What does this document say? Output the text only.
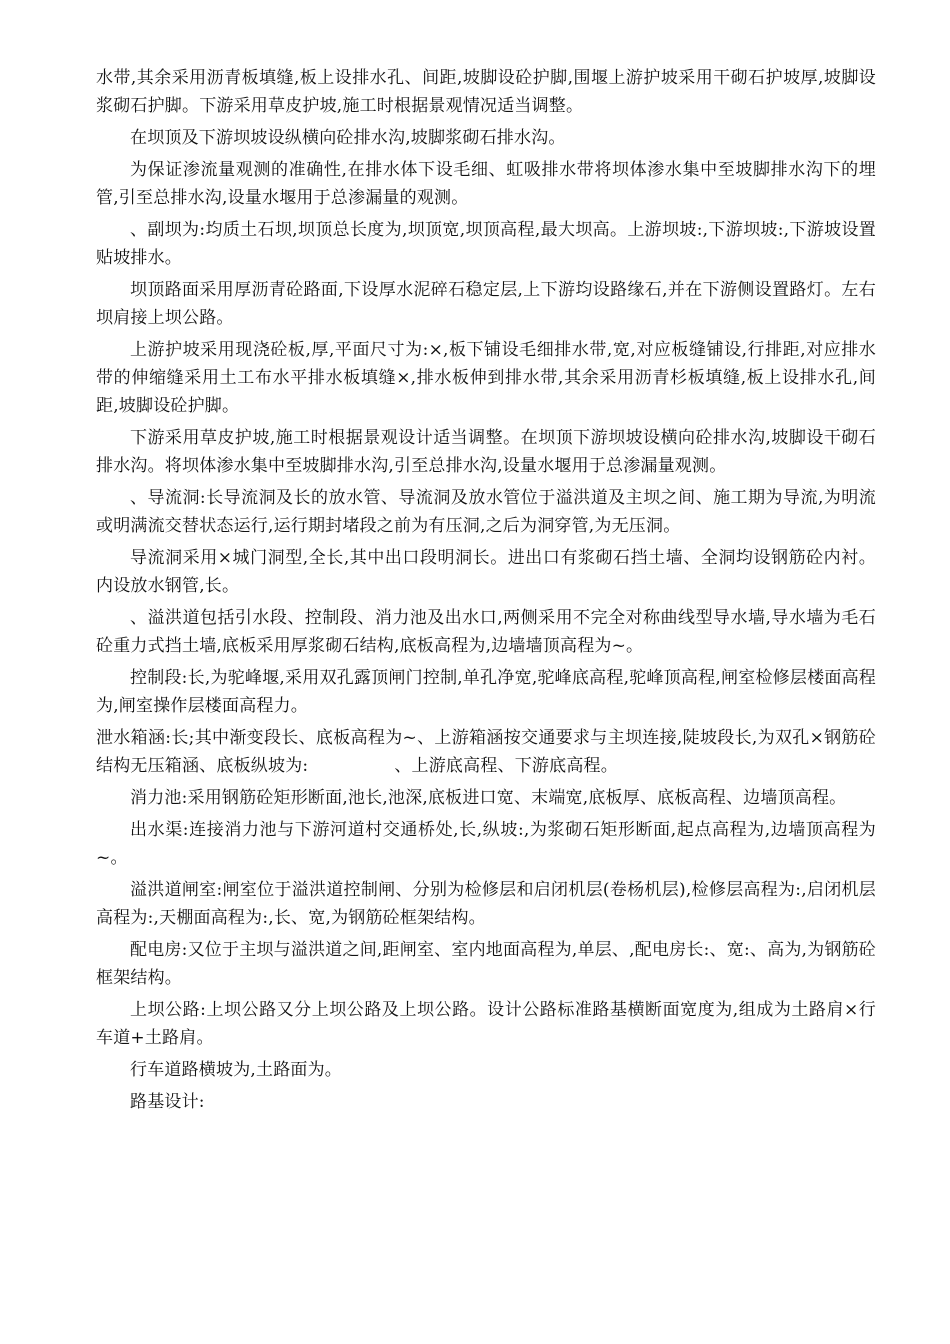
水带,其余采用沥青板填缝,板上设排水孔、间距,坡脚设砼护脚,围堰上游护坡采用干砌石护坡厚,坡脚设浆砌石护脚。下游采用草皮护坡,施工时根据景观情况适当调整。

在坝顶及下游坝坡设纵横向砼排水沟,坡脚浆砌石排水沟。

为保证渗流量观测的准确性,在排水体下设毛细、虹吸排水带将坝体渗水集中至坡脚排水沟下的埋管,引至总排水沟,设量水堰用于总渗漏量的观测。

、副坝为:均质土石坝,坝顶总长度为,坝顶宽,坝顶高程,最大坝高。上游坝坡:,下游坝坡:,下游坡设置贴坡排水。

坝顶路面采用厚沥青砼路面,下设厚水泥碎石稳定层,上下游均设路缘石,并在下游侧设置路灯。左右坝肩接上坝公路。

上游护坡采用现浇砼板,厚,平面尺寸为:×,板下铺设毛细排水带,宽,对应板缝铺设,行排距,对应排水带的伸缩缝采用土工布水平排水板填缝×,排水板伸到排水带,其余采用沥青杉板填缝,板上设排水孔,间距,坡脚设砼护脚。

下游采用草皮护坡,施工时根据景观设计适当调整。在坝顶下游坝坡设横向砼排水沟,坡脚设干砌石排水沟。将坝体渗水集中至坡脚排水沟,引至总排水沟,设量水堰用于总渗漏量观测。

、导流洞:长导流洞及长的放水管、导流洞及放水管位于溢洪道及主坝之间、施工期为导流,为明流或明满流交替状态运行,运行期封堵段之前为有压洞,之后为洞穿管,为无压洞。

导流洞采用×城门洞型,全长,其中出口段明洞长。进出口有浆砌石挡土墙、全洞均设钢筋砼内衬。内设放水钢管,长。

、溢洪道包括引水段、控制段、消力池及出水口,两侧采用不完全对称曲线型导水墙,导水墙为毛石砼重力式挡土墙,底板采用厚浆砌石结构,底板高程为,边墙墙顶高程为~。

控制段:长,为驼峰堰,采用双孔露顶闸门控制,单孔净宽,驼峰底高程,驼峰顶高程,闸室检修层楼面高程为,闸室操作层楼面高程力。

泄水箱涵:长;其中渐变段长、底板高程为~、上游箱涵按交通要求与主坝连接,陡坡段长,为双孔×钢筋砼结构无压箱涵、底板纵坡为:　　　　　、上游底高程、下游底高程。

消力池:采用钢筋砼矩形断面,池长,池深,底板进口宽、末端宽,底板厚、底板高程、边墙顶高程。

出水渠:连接消力池与下游河道村交通桥处,长,纵坡:,为浆砌石矩形断面,起点高程为,边墙顶高程为~。

溢洪道闸室:闸室位于溢洪道控制闸、分别为检修层和启闭机层(卷杨机层),检修层高程为:,启闭机层高程为:,天棚面高程为:,长、宽,为钢筋砼框架结构。

配电房:又位于主坝与溢洪道之间,距闸室、室内地面高程为,单层、,配电房长:、宽:、高为,为钢筋砼框架结构。

上坝公路:上坝公路又分上坝公路及上坝公路。设计公路标准路基横断面宽度为,组成为土路肩×行车道+土路肩。

行车道路横坡为,土路面为。

路基设计:
